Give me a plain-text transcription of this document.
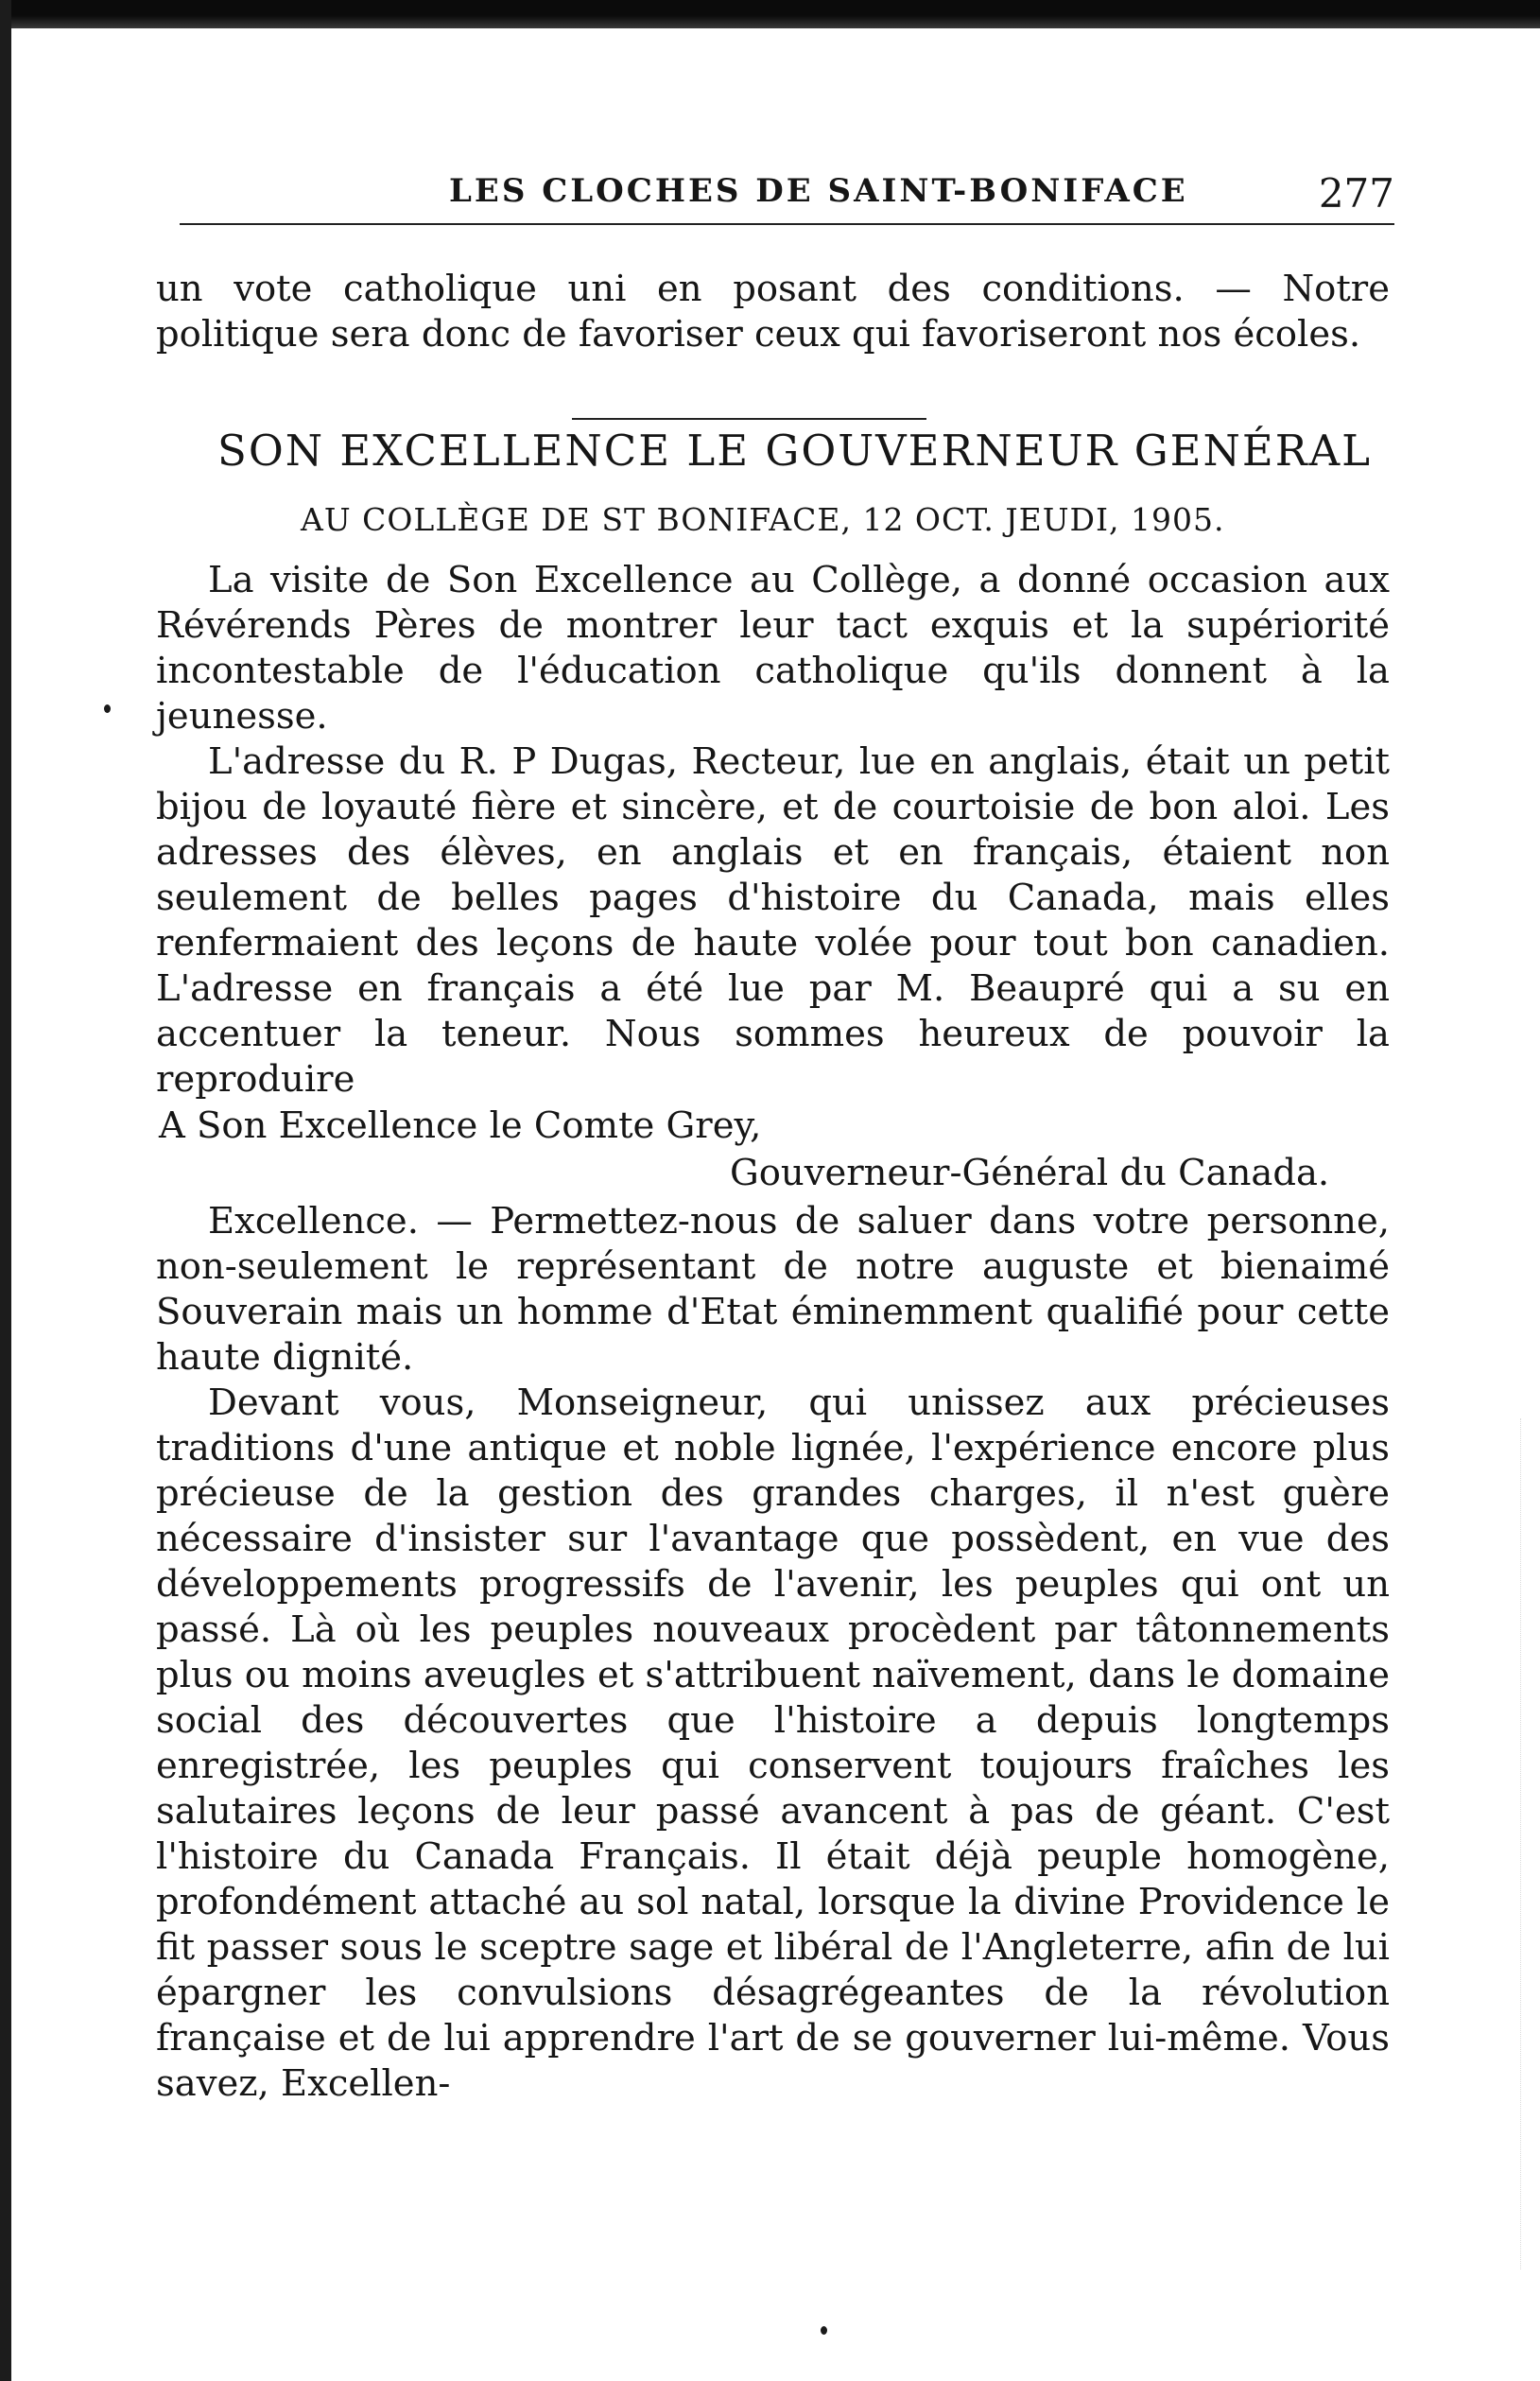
LES CLOCHES DE SAINT-BONIFACE	277

un vote catholique uni en posant des conditions. — Notre politique sera donc de favoriser ceux qui favoriseront nos écoles.

SON EXCELLENCE LE GOUVERNEUR GENÉRAL
AU COLLÈGE DE ST BONIFACE, 12 OCT. JEUDI, 1905.

La visite de Son Excellence au Collège, a donné occasion aux Révérends Pères de montrer leur tact exquis et la supériorité incontestable de l'éducation catholique qu'ils donnent à la jeunesse.

L'adresse du R. P Dugas, Recteur, lue en anglais, était un petit bijou de loyauté fière et sincère, et de courtoisie de bon aloi. Les adresses des élèves, en anglais et en français, étaient non seulement de belles pages d'histoire du Canada, mais elles renfermaient des leçons de haute volée pour tout bon canadien. L'adresse en français a été lue par M. Beaupré qui a su en accentuer la teneur. Nous sommes heureux de pouvoir la reproduire

A Son Excellence le Comte Grey,
Gouverneur-Général du Canada.

Excellence. — Permettez-nous de saluer dans votre personne, non-seulement le représentant de notre auguste et bienaimé Souverain mais un homme d'Etat éminemment qualifié pour cette haute dignité.

Devant vous, Monseigneur, qui unissez aux précieuses traditions d'une antique et noble lignée, l'expérience encore plus précieuse de la gestion des grandes charges, il n'est guère nécessaire d'insister sur l'avantage que possèdent, en vue des développements progressifs de l'avenir, les peuples qui ont un passé. Là où les peuples nouveaux procèdent par tâtonnements plus ou moins aveugles et s'attribuent naïvement, dans le domaine social des découvertes que l'histoire a depuis longtemps enregistrée, les peuples qui conservent toujours fraîches les salutaires leçons de leur passé avancent à pas de géant. C'est l'histoire du Canada Français. Il était déjà peuple homogène, profondément attaché au sol natal, lorsque la divine Providence le fit passer sous le sceptre sage et libéral de l'Angleterre, afin de lui épargner les convulsions désagrégeantes de la révolution française et de lui apprendre l'art de se gouverner lui-même. Vous savez, Excellen-
